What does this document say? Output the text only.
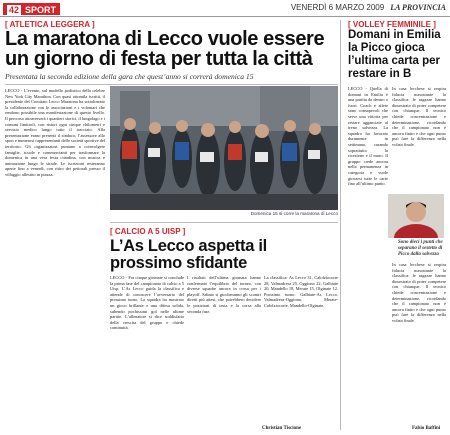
42 SPORT	VENERDÌ 6 MARZO 2009 LA PROVINCIA
[ ATLETICA LEGGERA ]
La maratona di Lecco vuole essere un giorno di festa per tutta la città
Presentata la seconda edizione della gara che quest’anno si correrà domenica 15
LECCO - L’evento, sul modello podistico della celebre New York City Marathon. Con quasi ottomila iscritti, il presidente del Comitato Lecco Maratona ha sottolineato la collaborazione con le associazioni e i volontari che rendono possibile una manifestazione di questo livello. Il percorso attraverserà i quartieri storici, il lungolago e i comuni limitrofi, con ristori ogni cinque chilometri e servizio medico lungo tutto il tracciato. Alla presentazione erano presenti il sindaco, l’assessore allo sport e numerosi rappresentanti delle società sportive del territorio. Gli organizzatori puntano a coinvolgere famiglie, scuole e commercianti per trasformare la domenica in una vera festa cittadina, con musica e animazione lungo le strade. Le iscrizioni resteranno aperte fino a venerdì, con ritiro dei pettorali presso il villaggio allestito in piazza.
Domenica 15 si corre la maratona di Lecco
[ CALCIO A 5 UISP ]
L’As Lecco aspetta il prossimo sfidante
LECCO - Fra cinque giornate si conclude la prima fase del campionato di calcio a 5 Uisp. L’As Lecco guida la classifica e attende di conoscere l’avversario del prossimo turno. La squadra ha mostrato un gioco brillante e una difesa solida, subendo pochissimi gol nelle ultime partite. L’allenatore si dice soddisfatto della crescita del gruppo e chiede continuità.
I risultati dell’ultima giornata hanno confermato l’equilibrio del torneo, con diverse squadre ancora in corsa per i playoff. Sabato si giocheranno gli scontri diretti più attesi, che potrebbero decidere le posizioni di testa e la corsa alla seconda fase.
La classifica: As Lecco 31, Calolziocorte 28, Valmadrera 25, Oggiono 22, Galbiate 20, Mandello 18, Merate 15, Olginate 12. Prossimo turno: Galbiate-As Lecco, Valmadrera-Oggiono, Merate-Calolziocorte, Mandello-Olginate.
Christian Tiscione
[ VOLLEY FEMMINILE ]
Domani in Emilia la Picco gioca l’ultima carta per restare in B
LECCO - Quella di domani in Emilia è una partita da dentro o fuori. Coach e atlete sono consapevoli che serve una vittoria per restare agganciate al treno salvezza. La squadra ha lavorato duramente in settimana, curando soprattutto la ricezione e il muro. Il gruppo crede ancora nella permanenza in categoria e vuole giocarsi tutte le carte fino all’ultimo punto.
In casa lecchese si respira fiducia nonostante la classifica: le ragazze hanno dimostrato di poter competere con chiunque. Il tecnico chiede concentrazione e determinazione, ricordando che il campionato non è ancora finito e che ogni punto può fare la differenza nella volata finale.
Sono dieci i punti che separano il sestetto di Picco dalla salvezza
In casa lecchese si respira fiducia nonostante la classifica: le ragazze hanno dimostrato di poter competere con chiunque. Il tecnico chiede concentrazione e determinazione, ricordando che il campionato non è ancora finito e che ogni punto può fare la differenza nella volata finale.
Fabio Baffini
